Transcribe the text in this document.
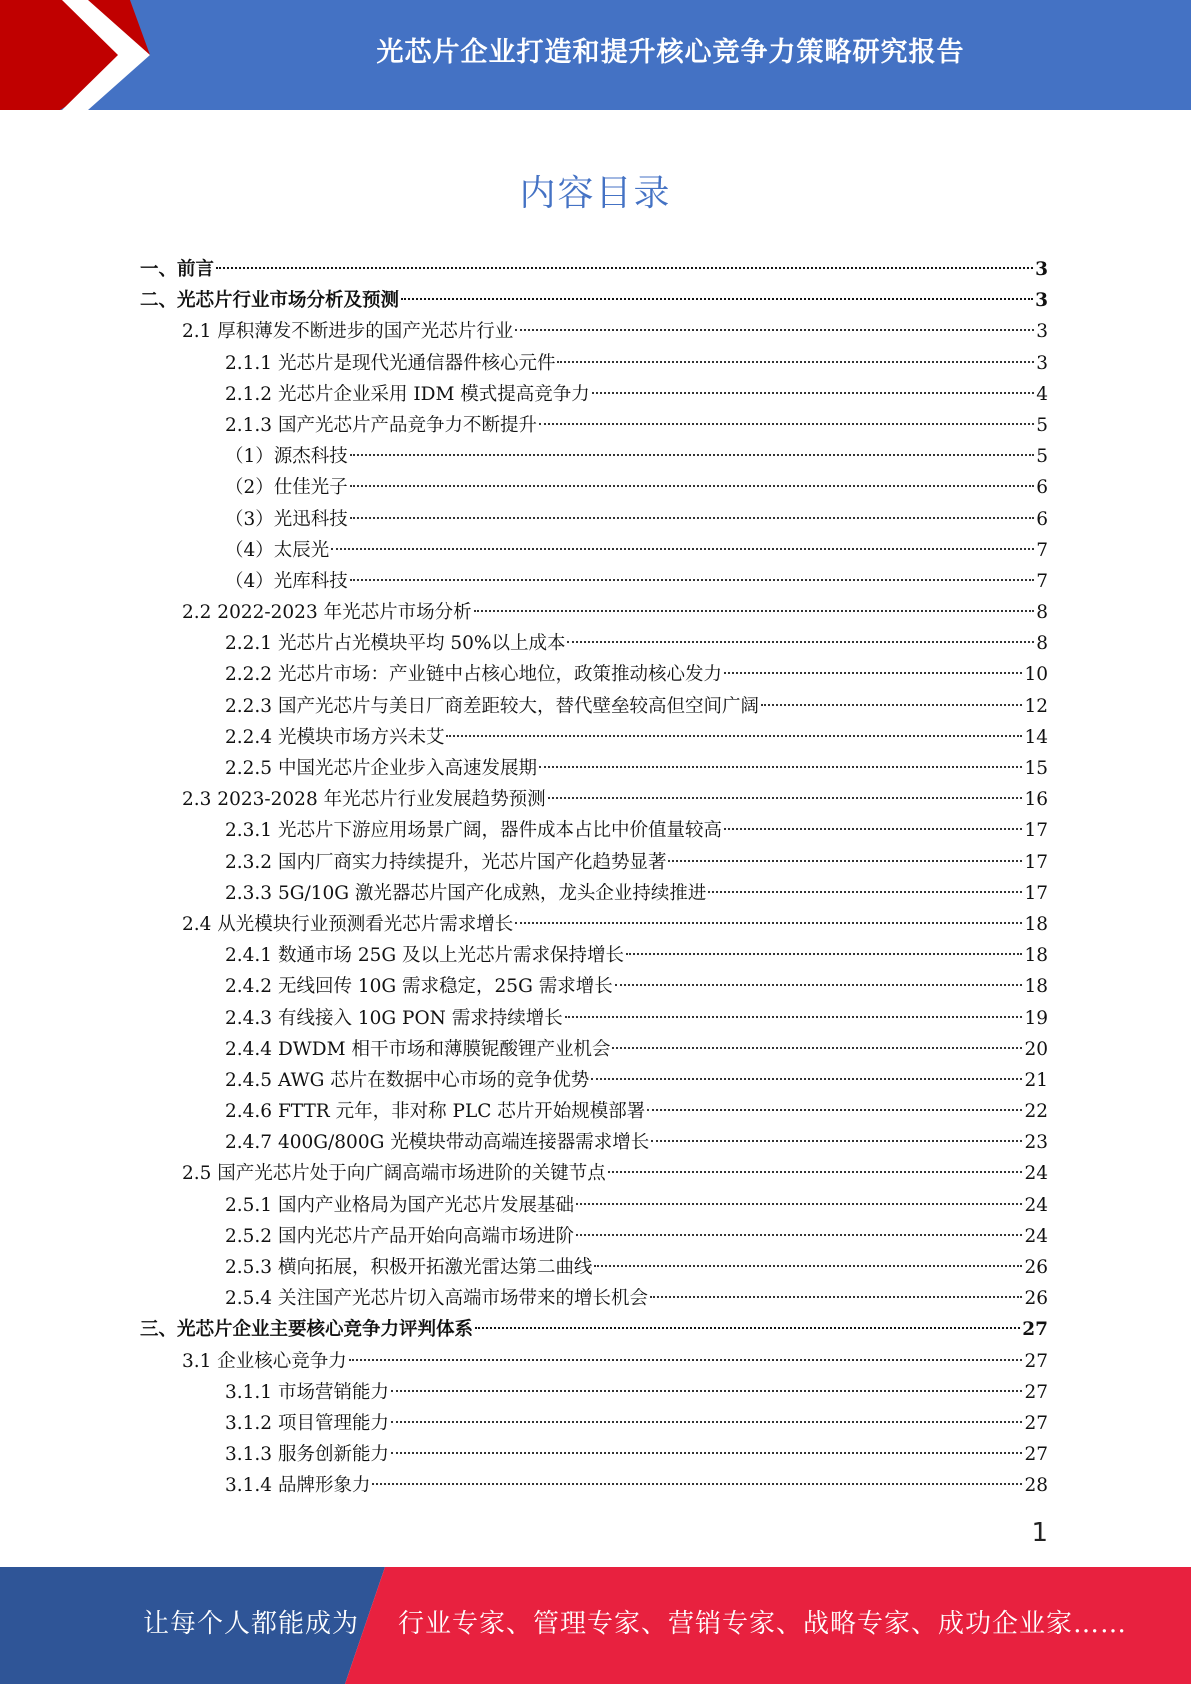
光芯片企业打造和提升核心竞争力策略研究报告
内容目录
一、前言	3
二、光芯片行业市场分析及预测	3
2.1 厚积薄发不断进步的国产光芯片行业	3
2.1.1 光芯片是现代光通信器件核心元件	3
2.1.2 光芯片企业采用 IDM 模式提高竞争力	4
2.1.3 国产光芯片产品竞争力不断提升	5
（1）源杰科技	5
（2）仕佳光子	6
（3）光迅科技	6
（4）太辰光	7
（4）光库科技	7
2.2 2022-2023 年光芯片市场分析	8
2.2.1 光芯片占光模块平均 50%以上成本	8
2.2.2 光芯片市场：产业链中占核心地位，政策推动核心发力	10
2.2.3 国产光芯片与美日厂商差距较大，替代壁垒较高但空间广阔	12
2.2.4 光模块市场方兴未艾	14
2.2.5 中国光芯片企业步入高速发展期	15
2.3 2023-2028 年光芯片行业发展趋势预测	16
2.3.1 光芯片下游应用场景广阔，器件成本占比中价值量较高	17
2.3.2 国内厂商实力持续提升，光芯片国产化趋势显著	17
2.3.3 5G/10G 激光器芯片国产化成熟，龙头企业持续推进	17
2.4 从光模块行业预测看光芯片需求增长	18
2.4.1 数通市场 25G 及以上光芯片需求保持增长	18
2.4.2 无线回传 10G 需求稳定，25G 需求增长	18
2.4.3 有线接入 10G PON 需求持续增长	19
2.4.4 DWDM 相干市场和薄膜铌酸锂产业机会	20
2.4.5 AWG 芯片在数据中心市场的竞争优势	21
2.4.6 FTTR 元年，非对称 PLC 芯片开始规模部署	22
2.4.7 400G/800G 光模块带动高端连接器需求增长	23
2.5 国产光芯片处于向广阔高端市场进阶的关键节点	24
2.5.1 国内产业格局为国产光芯片发展基础	24
2.5.2 国内光芯片产品开始向高端市场进阶	24
2.5.3 横向拓展，积极开拓激光雷达第二曲线	26
2.5.4 关注国产光芯片切入高端市场带来的增长机会	26
三、光芯片企业主要核心竞争力评判体系	27
3.1 企业核心竞争力	27
3.1.1 市场营销能力	27
3.1.2 项目管理能力	27
3.1.3 服务创新能力	27
3.1.4 品牌形象力	28
1
让每个人都能成为 行业专家、管理专家、营销专家、战略专家、成功企业家……
